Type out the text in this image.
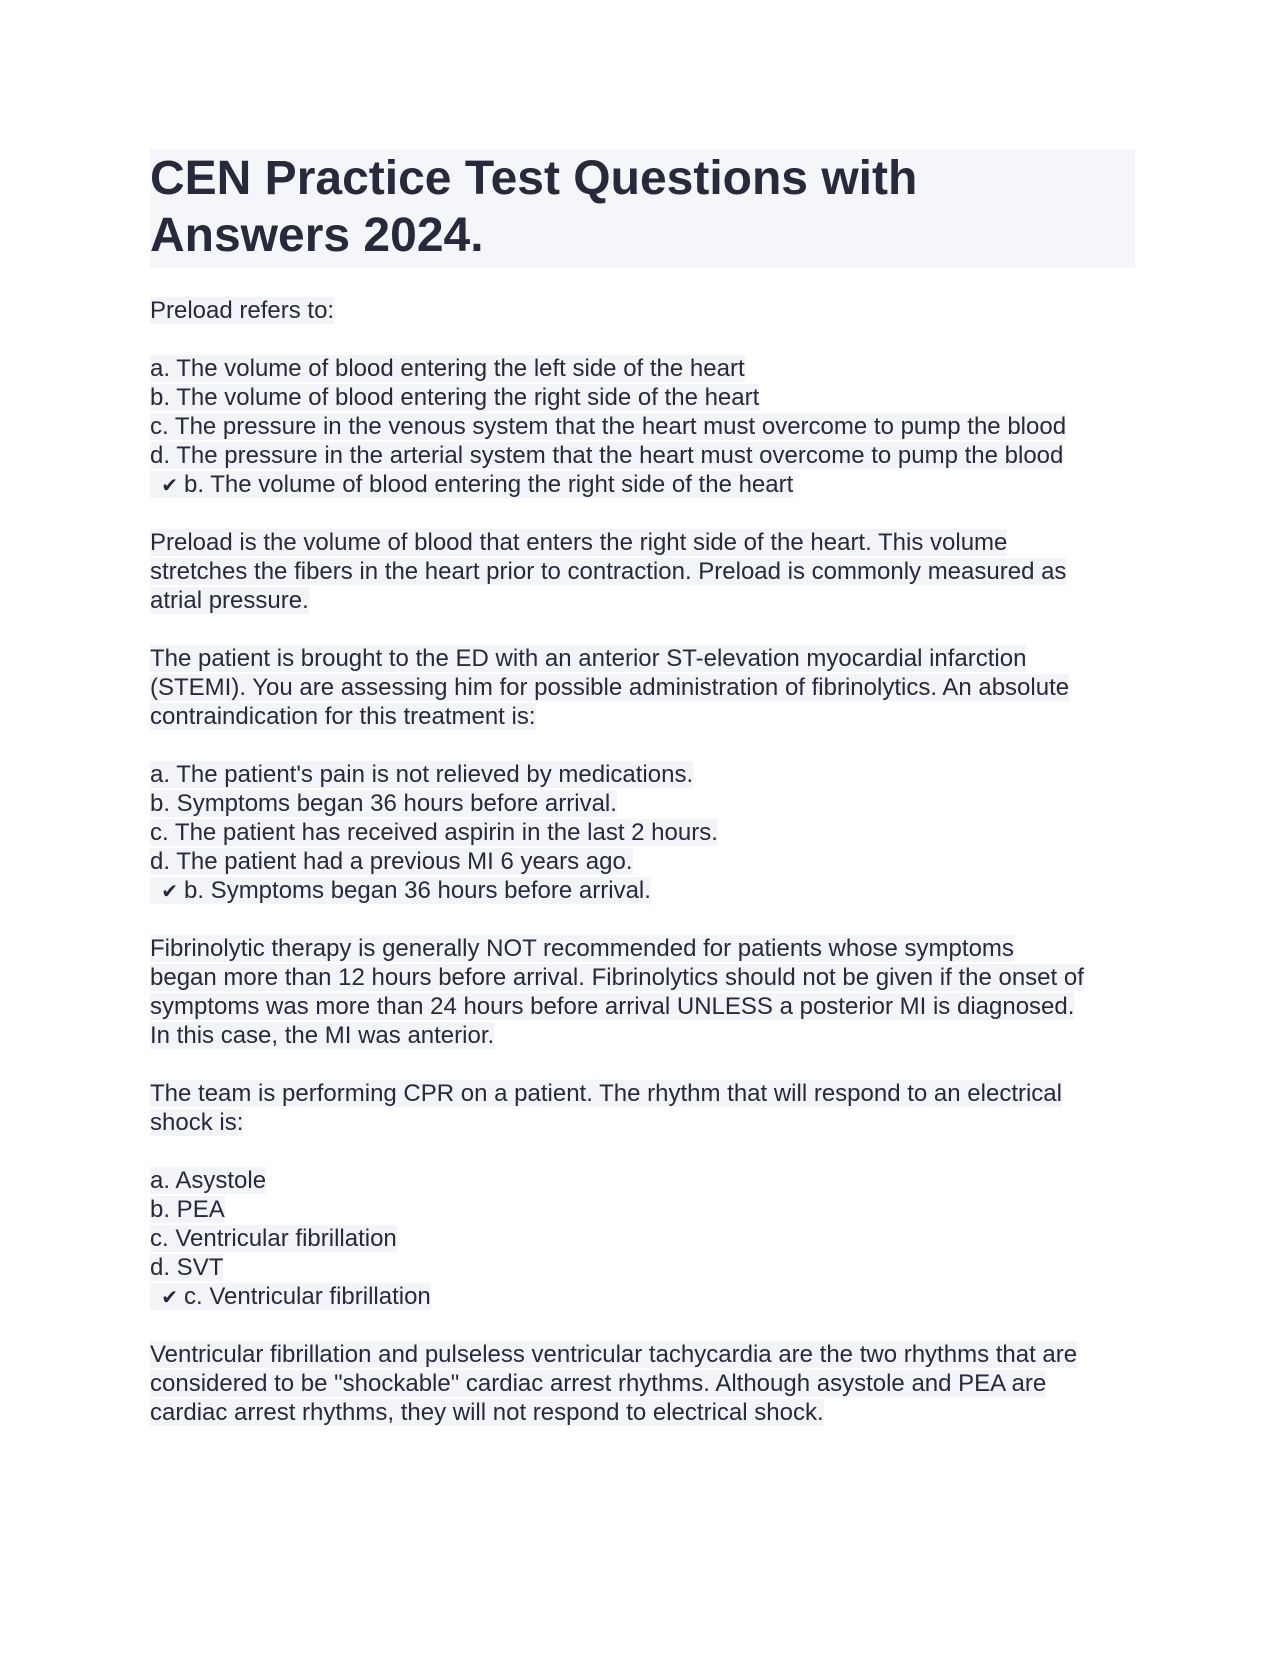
CEN Practice Test Questions with
Answers 2024.
Preload refers to:
a. The volume of blood entering the left side of the heart
b. The volume of blood entering the right side of the heart
c. The pressure in the venous system that the heart must overcome to pump the blood
d. The pressure in the arterial system that the heart must overcome to pump the blood
✔ b. The volume of blood entering the right side of the heart
Preload is the volume of blood that enters the right side of the heart. This volume
stretches the fibers in the heart prior to contraction. Preload is commonly measured as
atrial pressure.
The patient is brought to the ED with an anterior ST-elevation myocardial infarction
(STEMI). You are assessing him for possible administration of fibrinolytics. An absolute
contraindication for this treatment is:
a. The patient's pain is not relieved by medications.
b. Symptoms began 36 hours before arrival.
c. The patient has received aspirin in the last 2 hours.
d. The patient had a previous MI 6 years ago.
✔ b. Symptoms began 36 hours before arrival.
Fibrinolytic therapy is generally NOT recommended for patients whose symptoms
began more than 12 hours before arrival. Fibrinolytics should not be given if the onset of
symptoms was more than 24 hours before arrival UNLESS a posterior MI is diagnosed.
In this case, the MI was anterior.
The team is performing CPR on a patient. The rhythm that will respond to an electrical
shock is:
a. Asystole
b. PEA
c. Ventricular fibrillation
d. SVT
✔ c. Ventricular fibrillation
Ventricular fibrillation and pulseless ventricular tachycardia are the two rhythms that are
considered to be "shockable" cardiac arrest rhythms. Although asystole and PEA are
cardiac arrest rhythms, they will not respond to electrical shock.
